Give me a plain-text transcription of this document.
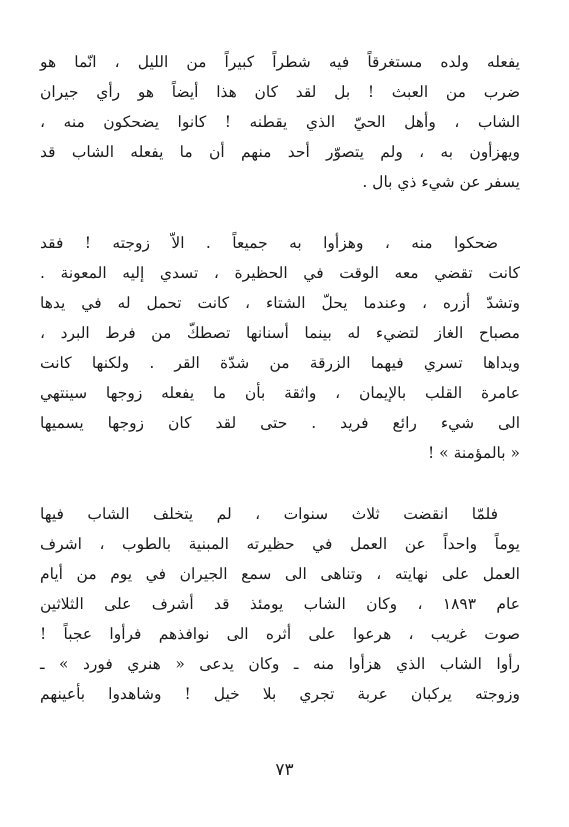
يفعله ولده مستغرقاً فيه شطراً كبيراً من الليل ، انّما هو
ضرب من العبث ! بل لقد كان هذا أيضاً هو رأي جيران
الشاب ، وأهل الحيّ الذي يقطنه ! كانوا يضحكون منه ،
ويهزأون به ، ولم يتصوّر أحد منهم أن ما يفعله الشاب قد
يسفر عن شيء ذي بال .
ضحكوا منه ، وهزأوا به جميعاً . الاّ زوجته ! فقد
كانت تقضي معه الوقت في الحظيرة ، تسدي إليه المعونة .
وتشدّ أزره ، وعندما يحلّ الشتاء ، كانت تحمل له في يدها
مصباح الغاز لتضيء له بينما أسنانها تصطكّ من فرط البرد ،
ويداها تسري فيهما الزرقة من شدّة القر . ولكنها كانت
عامرة القلب بالإيمان ، واثقة بأن ما يفعله زوجها سينتهي
الى شيء رائع فريد . حتى لقد كان زوجها يسميها
« بالمؤمنة » !
فلمّا انقضت ثلاث سنوات ، لم يتخلف الشاب فيها
يوماً واحداً عن العمل في حظيرته المبنية بالطوب ، اشرف
العمل على نهايته ، وتناهى الى سمع الجيران في يوم من أيام
عام ١٨٩٣ ، وكان الشاب يومئذ قد أشرف على الثلاثين
صوت غريب ، هرعوا على أثره الى نوافذهم فرأوا عجباً !
رأوا الشاب الذي هزأوا منه ـ وكان يدعى « هنري فورد » ـ
وزوجته يركبان عربة تجري بلا خيل ! وشاهدوا بأعينهم
٧٣
